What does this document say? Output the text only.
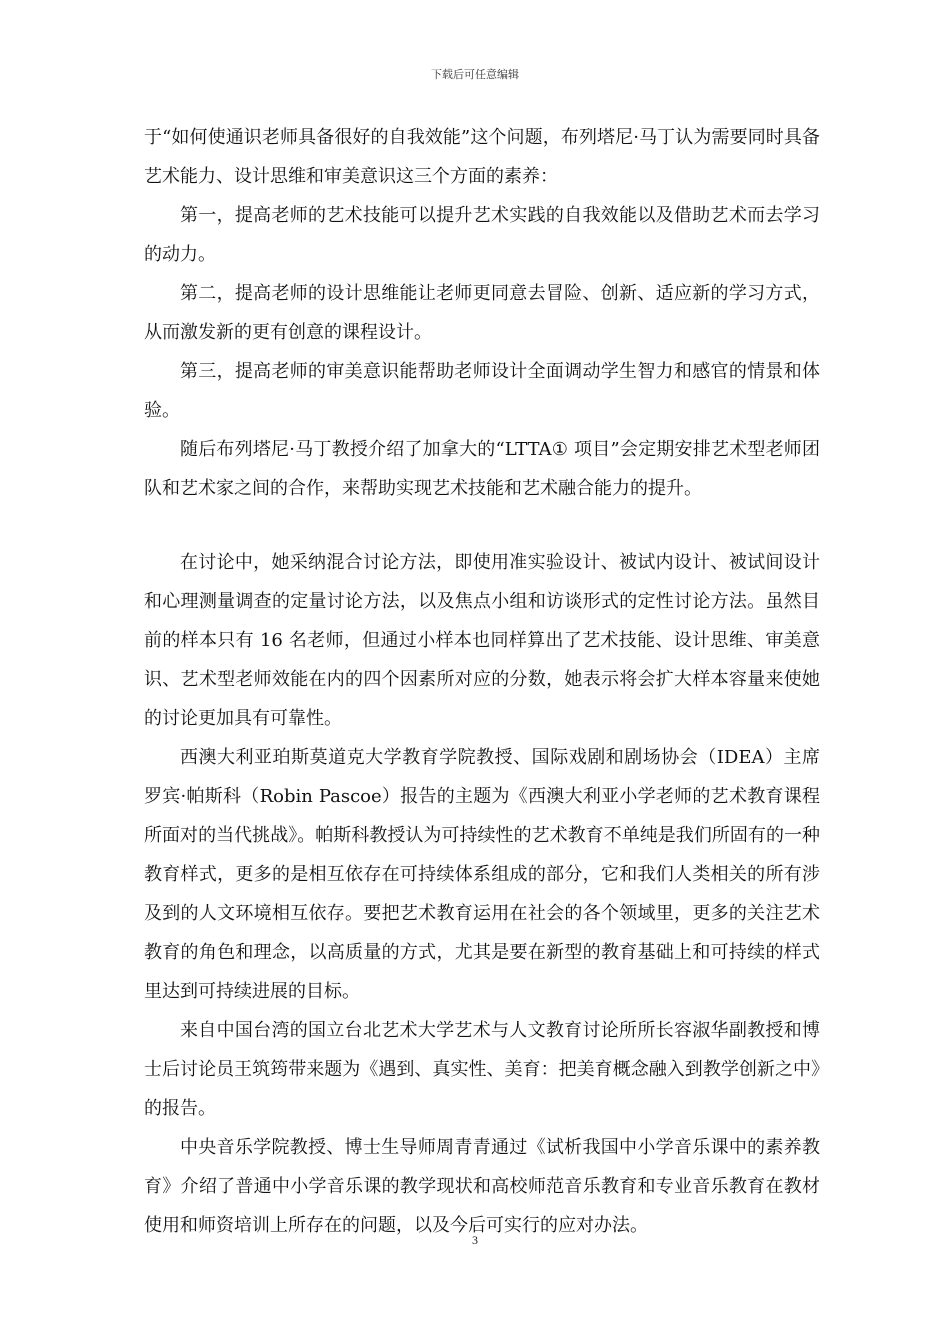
下载后可任意编辑

于“如何使通识老师具备很好的自我效能”这个问题，布列塔尼·马丁认为需要同时具备艺术能力、设计思维和审美意识这三个方面的素养：

第一，提高老师的艺术技能可以提升艺术实践的自我效能以及借助艺术而去学习的动力。

第二，提高老师的设计思维能让老师更同意去冒险、创新、适应新的学习方式，从而激发新的更有创意的课程设计。

第三，提高老师的审美意识能帮助老师设计全面调动学生智力和感官的情景和体验。

随后布列塔尼·马丁教授介绍了加拿大的“LTTA① 项目”会定期安排艺术型老师团队和艺术家之间的合作，来帮助实现艺术技能和艺术融合能力的提升。

在讨论中，她采纳混合讨论方法，即使用准实验设计、被试内设计、被试间设计和心理测量调查的定量讨论方法，以及焦点小组和访谈形式的定性讨论方法。虽然目前的样本只有 16 名老师，但通过小样本也同样算出了艺术技能、设计思维、审美意识、艺术型老师效能在内的四个因素所对应的分数，她表示将会扩大样本容量来使她的讨论更加具有可靠性。

西澳大利亚珀斯莫道克大学教育学院教授、国际戏剧和剧场协会（IDEA）主席罗宾·帕斯科（Robin Pascoe）报告的主题为《西澳大利亚小学老师的艺术教育课程所面对的当代挑战》。帕斯科教授认为可持续性的艺术教育不单纯是我们所固有的一种教育样式，更多的是相互依存在可持续体系组成的部分，它和我们人类相关的所有涉及到的人文环境相互依存。要把艺术教育运用在社会的各个领域里，更多的关注艺术教育的角色和理念，以高质量的方式，尤其是要在新型的教育基础上和可持续的样式里达到可持续进展的目标。

来自中国台湾的国立台北艺术大学艺术与人文教育讨论所所长容淑华副教授和博士后讨论员王筑筠带来题为《遇到、真实性、美育：把美育概念融入到教学创新之中》的报告。

中央音乐学院教授、博士生导师周青青通过《试析我国中小学音乐课中的素养教育》介绍了普通中小学音乐课的教学现状和高校师范音乐教育和专业音乐教育在教材使用和师资培训上所存在的问题，以及今后可实行的应对办法。

3
